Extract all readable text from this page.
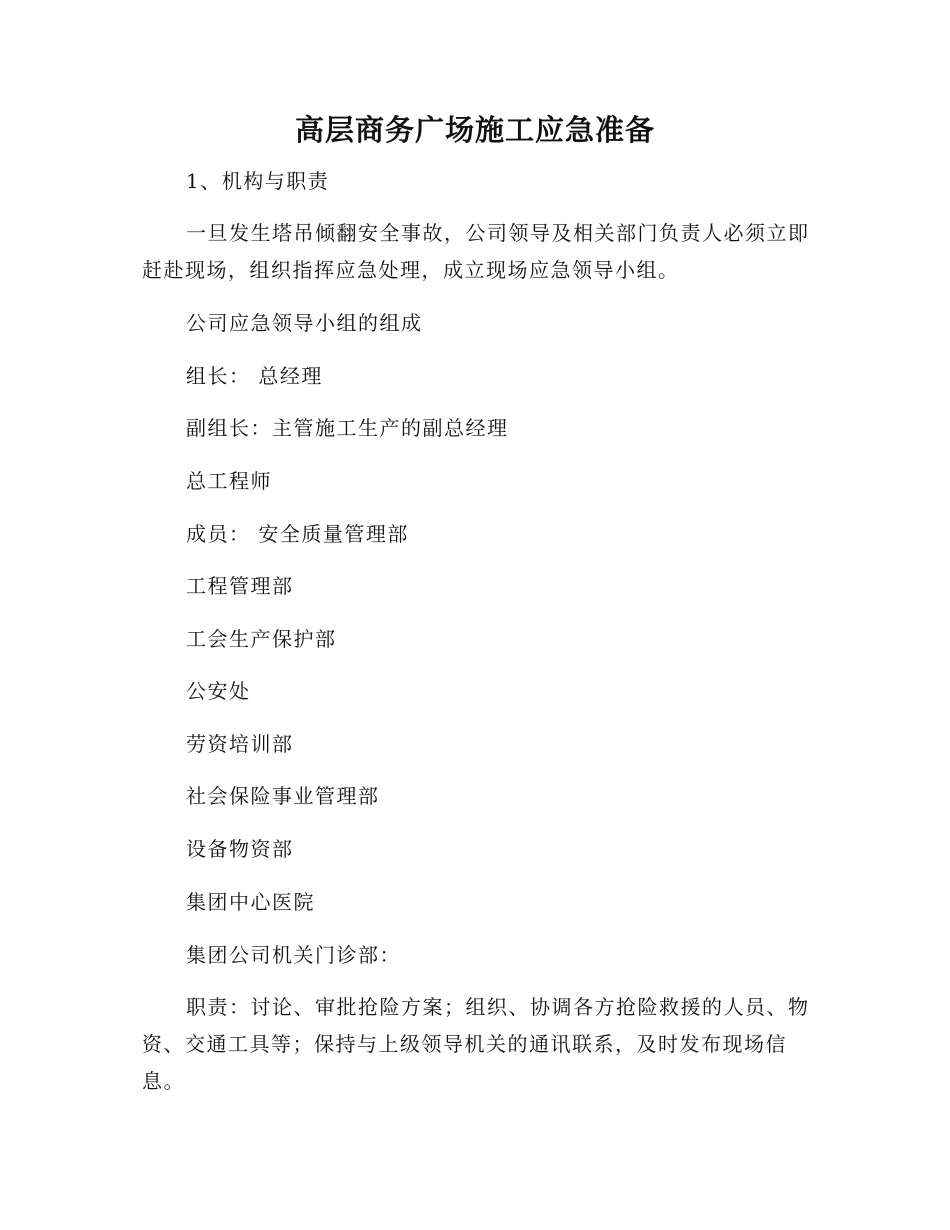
高层商务广场施工应急准备

1、机构与职责

一旦发生塔吊倾翻安全事故，公司领导及相关部门负责人必须立即赶赴现场，组织指挥应急处理，成立现场应急领导小组。

公司应急领导小组的组成

组长： 总经理

副组长：主管施工生产的副总经理

总工程师

成员： 安全质量管理部

工程管理部

工会生产保护部

公安处

劳资培训部

社会保险事业管理部

设备物资部

集团中心医院

集团公司机关门诊部：

职责：讨论、审批抢险方案；组织、协调各方抢险救援的人员、物资、交通工具等；保持与上级领导机关的通讯联系，及时发布现场信息。
